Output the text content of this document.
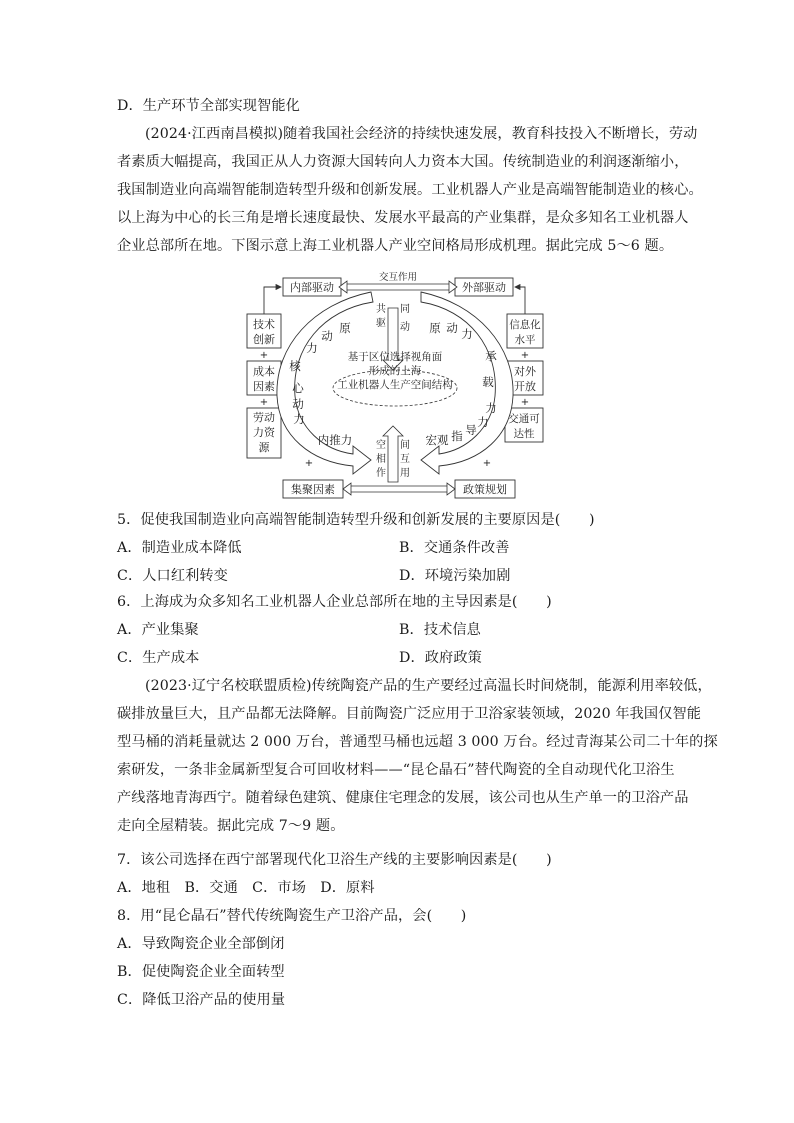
D．生产环节全部实现智能化
(2024·江西南昌模拟)随着我国社会经济的持续快速发展，教育科技投入不断增长，劳动
者素质大幅提高，我国正从人力资源大国转向人力资本大国。传统制造业的利润逐渐缩小，
我国制造业向高端智能制造转型升级和创新发展。工业机器人产业是高端智能制造业的核心。
以上海为中心的长三角是增长速度最快、发展水平最高的产业集群，是众多知名工业机器人
企业总部所在地。下图示意上海工业机器人产业空间格局形成机理。据此完成 5～6 题。
内部驱动	外部驱动
交互作用
集聚因素	政策规划
技术
创新
+
成本
因素
+
劳动
力资
源
信息化
水平
+
对外
开放
+
交通可
达性
+	+
共
驱
同
动
空
相
作
间
互
用
原
动
力
核
心
动
力
内推力
原 动 力
承
载
力
力
导
指
宏观
基于区位选择视角面
形成的上海
工业机器人生产空间结构
5．促使我国制造业向高端智能制造转型升级和创新发展的主要原因是(　　)
A．制造业成本降低	B．交通条件改善
C．人口红利转变	D．环境污染加剧
6．上海成为众多知名工业机器人企业总部所在地的主导因素是(　　)
A．产业集聚	B．技术信息
C．生产成本	D．政府政策
(2023·辽宁名校联盟质检)传统陶瓷产品的生产要经过高温长时间烧制，能源利用率较低，
碳排放量巨大，且产品都无法降解。目前陶瓷广泛应用于卫浴家装领域，2020 年我国仅智能
型马桶的消耗量就达 2 000 万台，普通型马桶也远超 3 000 万台。经过青海某公司二十年的探
索研发，一条非金属新型复合可回收材料——“昆仑晶石”替代陶瓷的全自动现代化卫浴生
产线落地青海西宁。随着绿色建筑、健康住宅理念的发展，该公司也从生产单一的卫浴产品
走向全屋精装。据此完成 7～9 题。
7．该公司选择在西宁部署现代化卫浴生产线的主要影响因素是(　　)
A．地租　B．交通　C．市场　D．原料
8．用“昆仑晶石”替代传统陶瓷生产卫浴产品，会(　　)
A．导致陶瓷企业全部倒闭
B．促使陶瓷企业全面转型
C．降低卫浴产品的使用量
